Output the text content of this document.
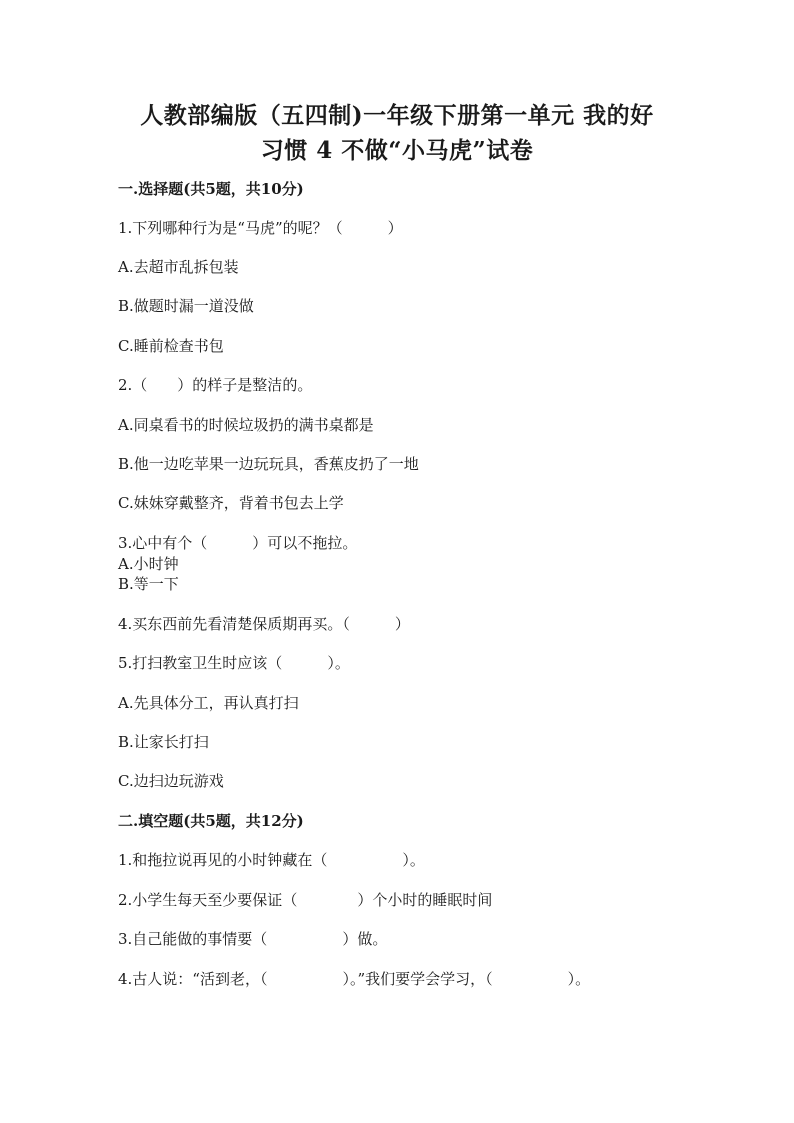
人教部编版（五四制)一年级下册第一单元 我的好
习惯 4 不做“小马虎”试卷
一.选择题(共5题，共10分)
1.下列哪种行为是“马虎”的呢？（　　　）
A.去超市乱拆包装
B.做题时漏一道没做
C.睡前检查书包
2.（　　）的样子是整洁的。
A.同桌看书的时候垃圾扔的满书桌都是
B.他一边吃苹果一边玩玩具，香蕉皮扔了一地
C.妹妹穿戴整齐，背着书包去上学
3.心中有个（　　　）可以不拖拉。
A.小时钟
B.等一下
4.买东西前先看清楚保质期再买。（　　　）
5.打扫教室卫生时应该（　　　）。
A.先具体分工，再认真打扫
B.让家长打扫
C.边扫边玩游戏
二.填空题(共5题，共12分)
1.和拖拉说再见的小时钟藏在（　　　　　）。
2.小学生每天至少要保证（　　　　）个小时的睡眠时间
3.自己能做的事情要（　　　　　）做。
4.古人说：“活到老，（　　　　　）。”我们要学会学习，（　　　　　）。
